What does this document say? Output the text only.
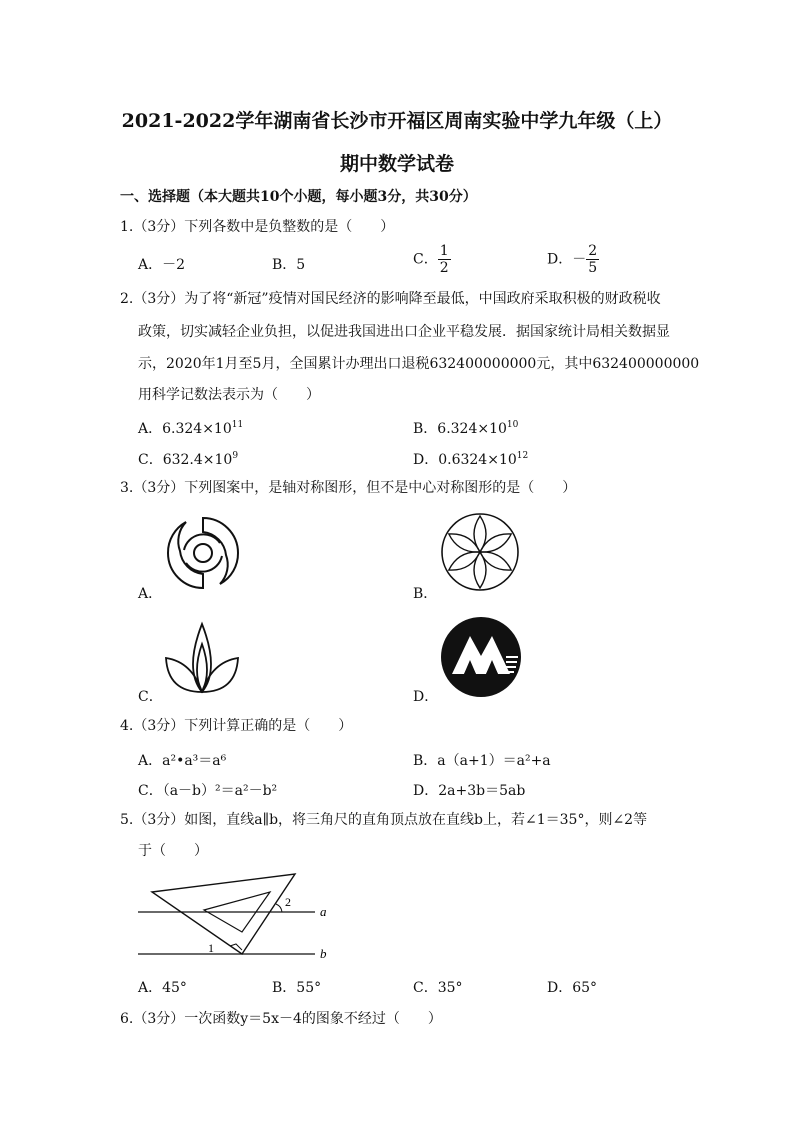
2021-2022学年湖南省长沙市开福区周南实验中学九年级（上）
期中数学试卷
一、选择题（本大题共10个小题，每小题3分，共30分）
1.（3分）下列各数中是负整数的是（　　）
A．－2	B．5	C． $\frac{1}{2}$	D．－ $\frac{2}{5}$
2.（3分）为了将“新冠”疫情对国民经济的影响降至最低，中国政府采取积极的财政税收
政策，切实减轻企业负担，以促进我国进出口企业平稳发展．据国家统计局相关数据显
示，2020年1月至5月，全国累计办理出口退税632400000000元，其中632400000000
用科学记数法表示为（　　）
A．$6.324\times 10^{11}$	B．$6.324\times 10^{10}$
C．$632.4\times 10^9$	D．$0.6324\times 10^{12}$
3.（3分）下列图案中，是轴对称图形，但不是中心对称图形的是（　　）
A．	B．
C．	D．
4.（3分）下列计算正确的是（　　）
A．a²•a³＝a⁶	B．a（a+1）＝a²+a
C．（a－b）²＝a²－b²	D．2a+3b＝5ab
5.（3分）如图，直线a∥b，将三角尺的直角顶点放在直线b上，若∠1＝35°，则∠2等
于（　　）
2
1
a
b
A．45°	B．55°	C．35°	D．65°
6.（3分）一次函数y＝5x－4的图象不经过（　　）
